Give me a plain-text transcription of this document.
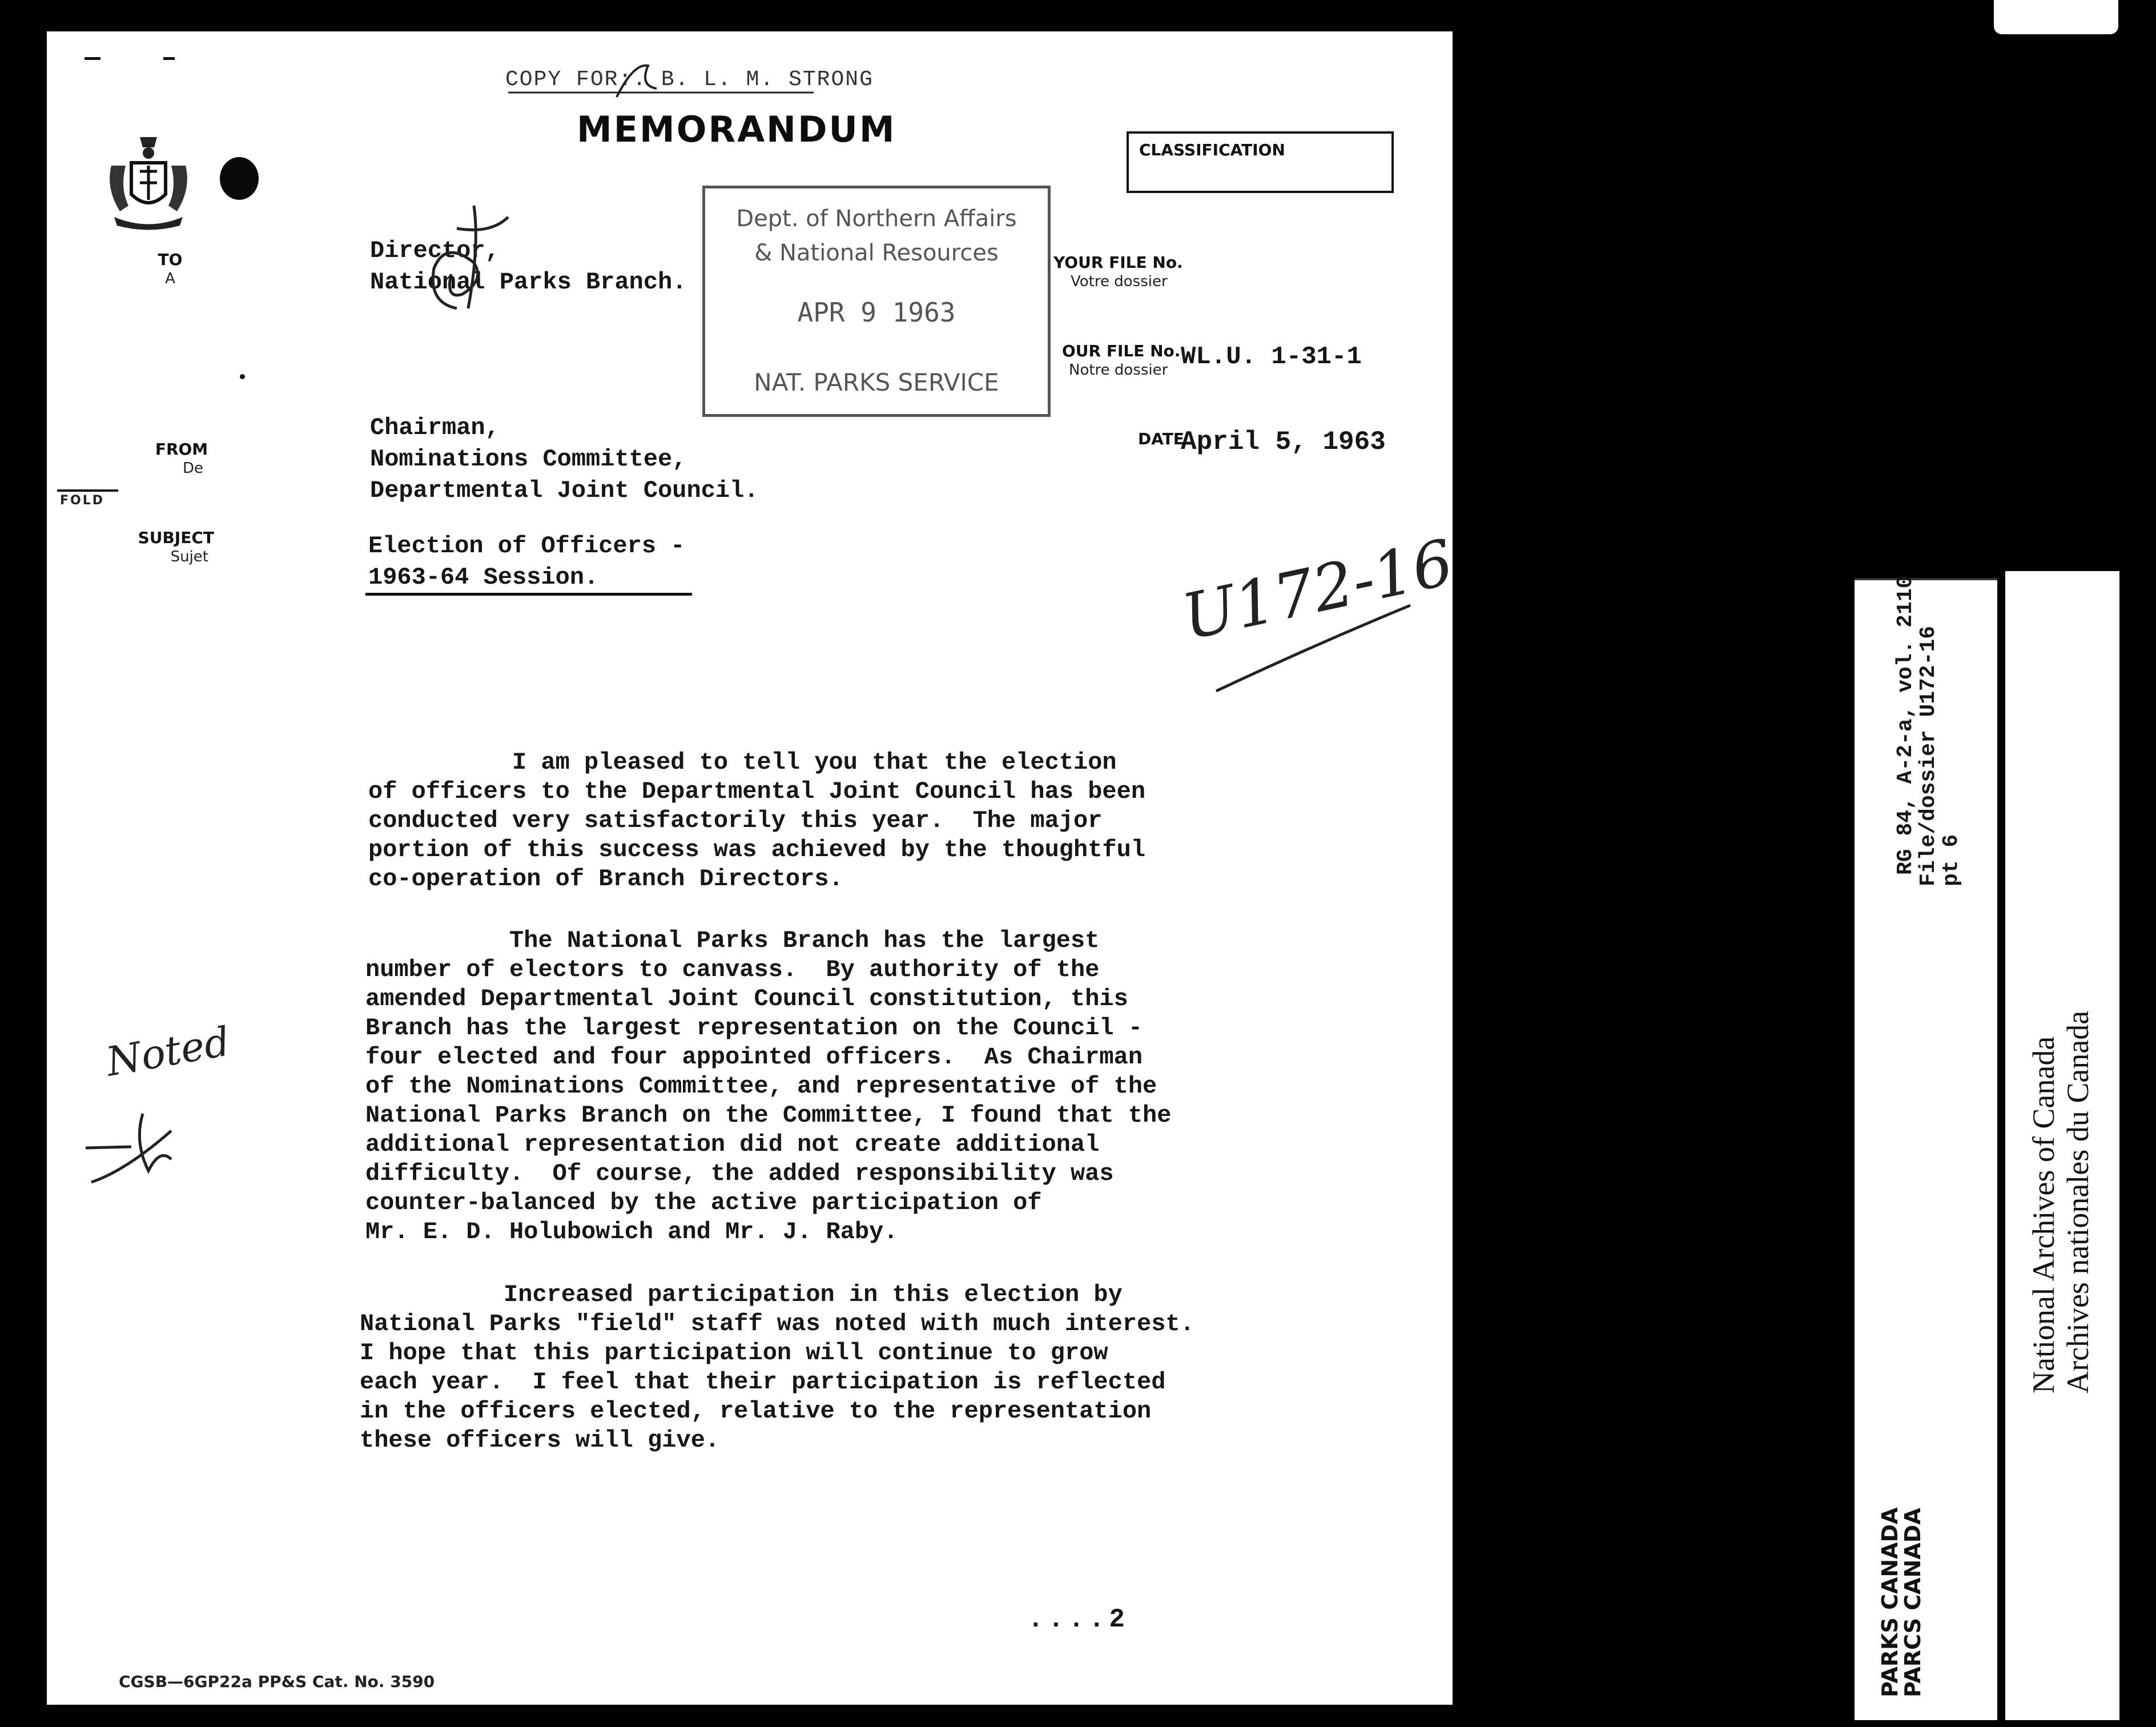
COPY FOR:. B. L. M. STRONG
MEMORANDUM	CLASSIFICATION
TO
A
FROM
De
FOLD
SUBJECT
Sujet
Director,
National Parks Branch.
Dept. of Northern Affairs
& National Resources
APR 9 1963
NAT. PARKS SERVICE
YOUR FILE No.
Votre dossier
OUR FILE No.
Notre dossier WL.U. 1-31-1
DATE
April 5, 1963
Chairman,
Nominations Committee,
Departmental Joint Council.
Election of Officers -
1963-64 Session.	U172-16
I am pleased to tell you that the election
of officers to the Departmental Joint Council has been
conducted very satisfactorily this year.  The major
portion of this success was achieved by the thoughtful
co-operation of Branch Directors.
The National Parks Branch has the largest
number of electors to canvass.  By authority of the
amended Departmental Joint Council constitution, this
Branch has the largest representation on the Council -
four elected and four appointed officers.  As Chairman
of the Nominations Committee, and representative of the
National Parks Branch on the Committee, I found that the
additional representation did not create additional
difficulty.  Of course, the added responsibility was
counter-balanced by the active participation of
Mr. E. D. Holubowich and Mr. J. Raby.
Increased participation in this election by
National Parks "field" staff was noted with much interest.
I hope that this participation will continue to grow
each year.  I feel that their participation is reflected
in the officers elected, relative to the representation
these officers will give.
Noted
....2
CGSB—6GP22a PP&S Cat. No. 3590
RG 84, A-2-a, vol. 2110
File/dossier U172-16
pt 6
PARKS CANADA
PARCS CANADA
National Archives of Canada Archives nationales du Canada
